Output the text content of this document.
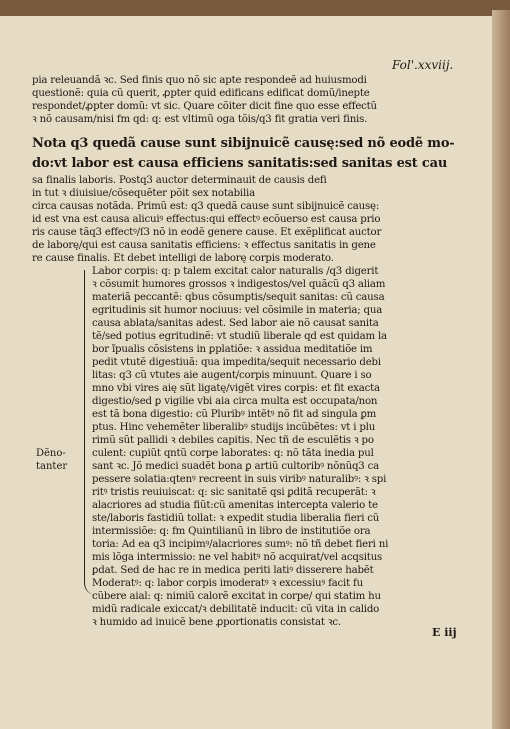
Fol'.xxviij.
pia releuandã ꝛc. Sed finis quo nõ sic apte respondeẽ ad huiusmodi
questionẽ: quia cũ querit, ꝓpter quid edificans edificat domũ/inepte
respondet/ꝓpter domũ: vt sic. Quare cõiter dicit fine quo esse effectũ
ꝛ nõ causam/nisi fm qd: q: est vltimũ oga tõis/q3 fit gratia veri finis.
Nota q3 quedã cause sunt sibijnuicẽ causę:sed nõ eodẽ mo-
do:vt labor est causa efficiens sanitatis:sed sanitas est cau
sa finalis laboris. Postq3 auctor determinauit de causis defi
in tut ꝛ diuisiue/cõsequẽter põit sex notabilia
circa causas notãda. Primũ est: q3 quedã cause sunt sibijnuicẽ causę:
id est vna est causa alicuiꝰ effectus:qui effectꝰ ecõuerso est causa prio
ris cause tãq3 effectꝰ/ſ3 nõ in eodẽ genere cause. Et exẽplificat auctor
de laborę/qui est causa sanitatis efficiens: ꝛ effectus sanitatis in gene
re cause finalis. Et debet intelligi de laborę corpis moderato.
Labor corpis: q: p talem excitat calor naturalis /q3 digerit
ꝛ cõsumit humores grossos ꝛ indigestos/vel quãcũ q3 aliam
materiã peccantẽ: qbus cõsumptis/sequit sanitas: cũ causa
egritudinis sit humor nociuus: vel cõsimile in materia; qua
causa ablata/sanitas adest. Sed labor aie nõ causat sanita
tẽ/sed potius egritudinẽ: vt studiũ liberale qd est quidam la
bor ĩpualis cõsistens in ꝑplatiõe: ꝛ assidua meditatiõe im
pedit vtutẽ digestiuã: qua impedita/sequit necessario debi
litas: q3 cũ vtutes aie augent/corpis minuunt. Quare i so
mno vbi vires aię sũt ligatę/vigẽt vires corpis: et fit exacta
digestio/sed ꝑ vigilie vbi aia circa multa est occupata/non
est tã bona digestio: cũ Pluribꝰ intẽtꝰ nõ fit ad singula ꝑm
ptus. Hinc vehemẽter liberalibꝰ studijs incũbẽtes: vt i plu
rimũ sũt pallidi ꝛ debiles capitis. Nec tñ de esculẽtis ꝛ po
culent: cupiũt qntũ corpe laborates: q: nõ tãta inedia pul
sant ꝛc. Jõ medici suadẽt bona ꝑ artiũ cultoribꝰ nõnũq3 ca
pessere solatia:qtenꝰ recreent in suis viribꝰ naturalibꝰ: ꝛ spi
ritꝰ tristis reuiuiscat: q: sic sanitatẽ qsi ꝑditã recuperãt: ꝛ
alacriores ad studia fiũt:cũ amenitas intercepta valerio te
ste/laboris fastidiũ tollat: ꝛ expedit studia liberalia fieri cũ
intermissiõe: q: fm Quintilianũ in libro de institutiõe ora
toria: Ad ea q3 incipimꝰ/alacriores sumꝰ: nõ tñ debet fieri ni
mis lõga intermissio: ne vel habitꝰ nõ acquirat/vel acqsitus
ꝑdat. Sed de hac re in medica periti latiꝰ disserere habẽt
Moderatꝰ: q: labor corpis imoderatꝰ ꝛ excessiuꝰ facit fu
cũbere aial: q: nimiũ calorẽ excitat in corpe/ qui statim hu
midũ radicale exiccat/ꝛ debilitatẽ inducit: cũ vita in calido
ꝛ humido ad inuicẽ bene ꝓportionatis consistat ꝛc.
Dẽno-
tanter
E iij
